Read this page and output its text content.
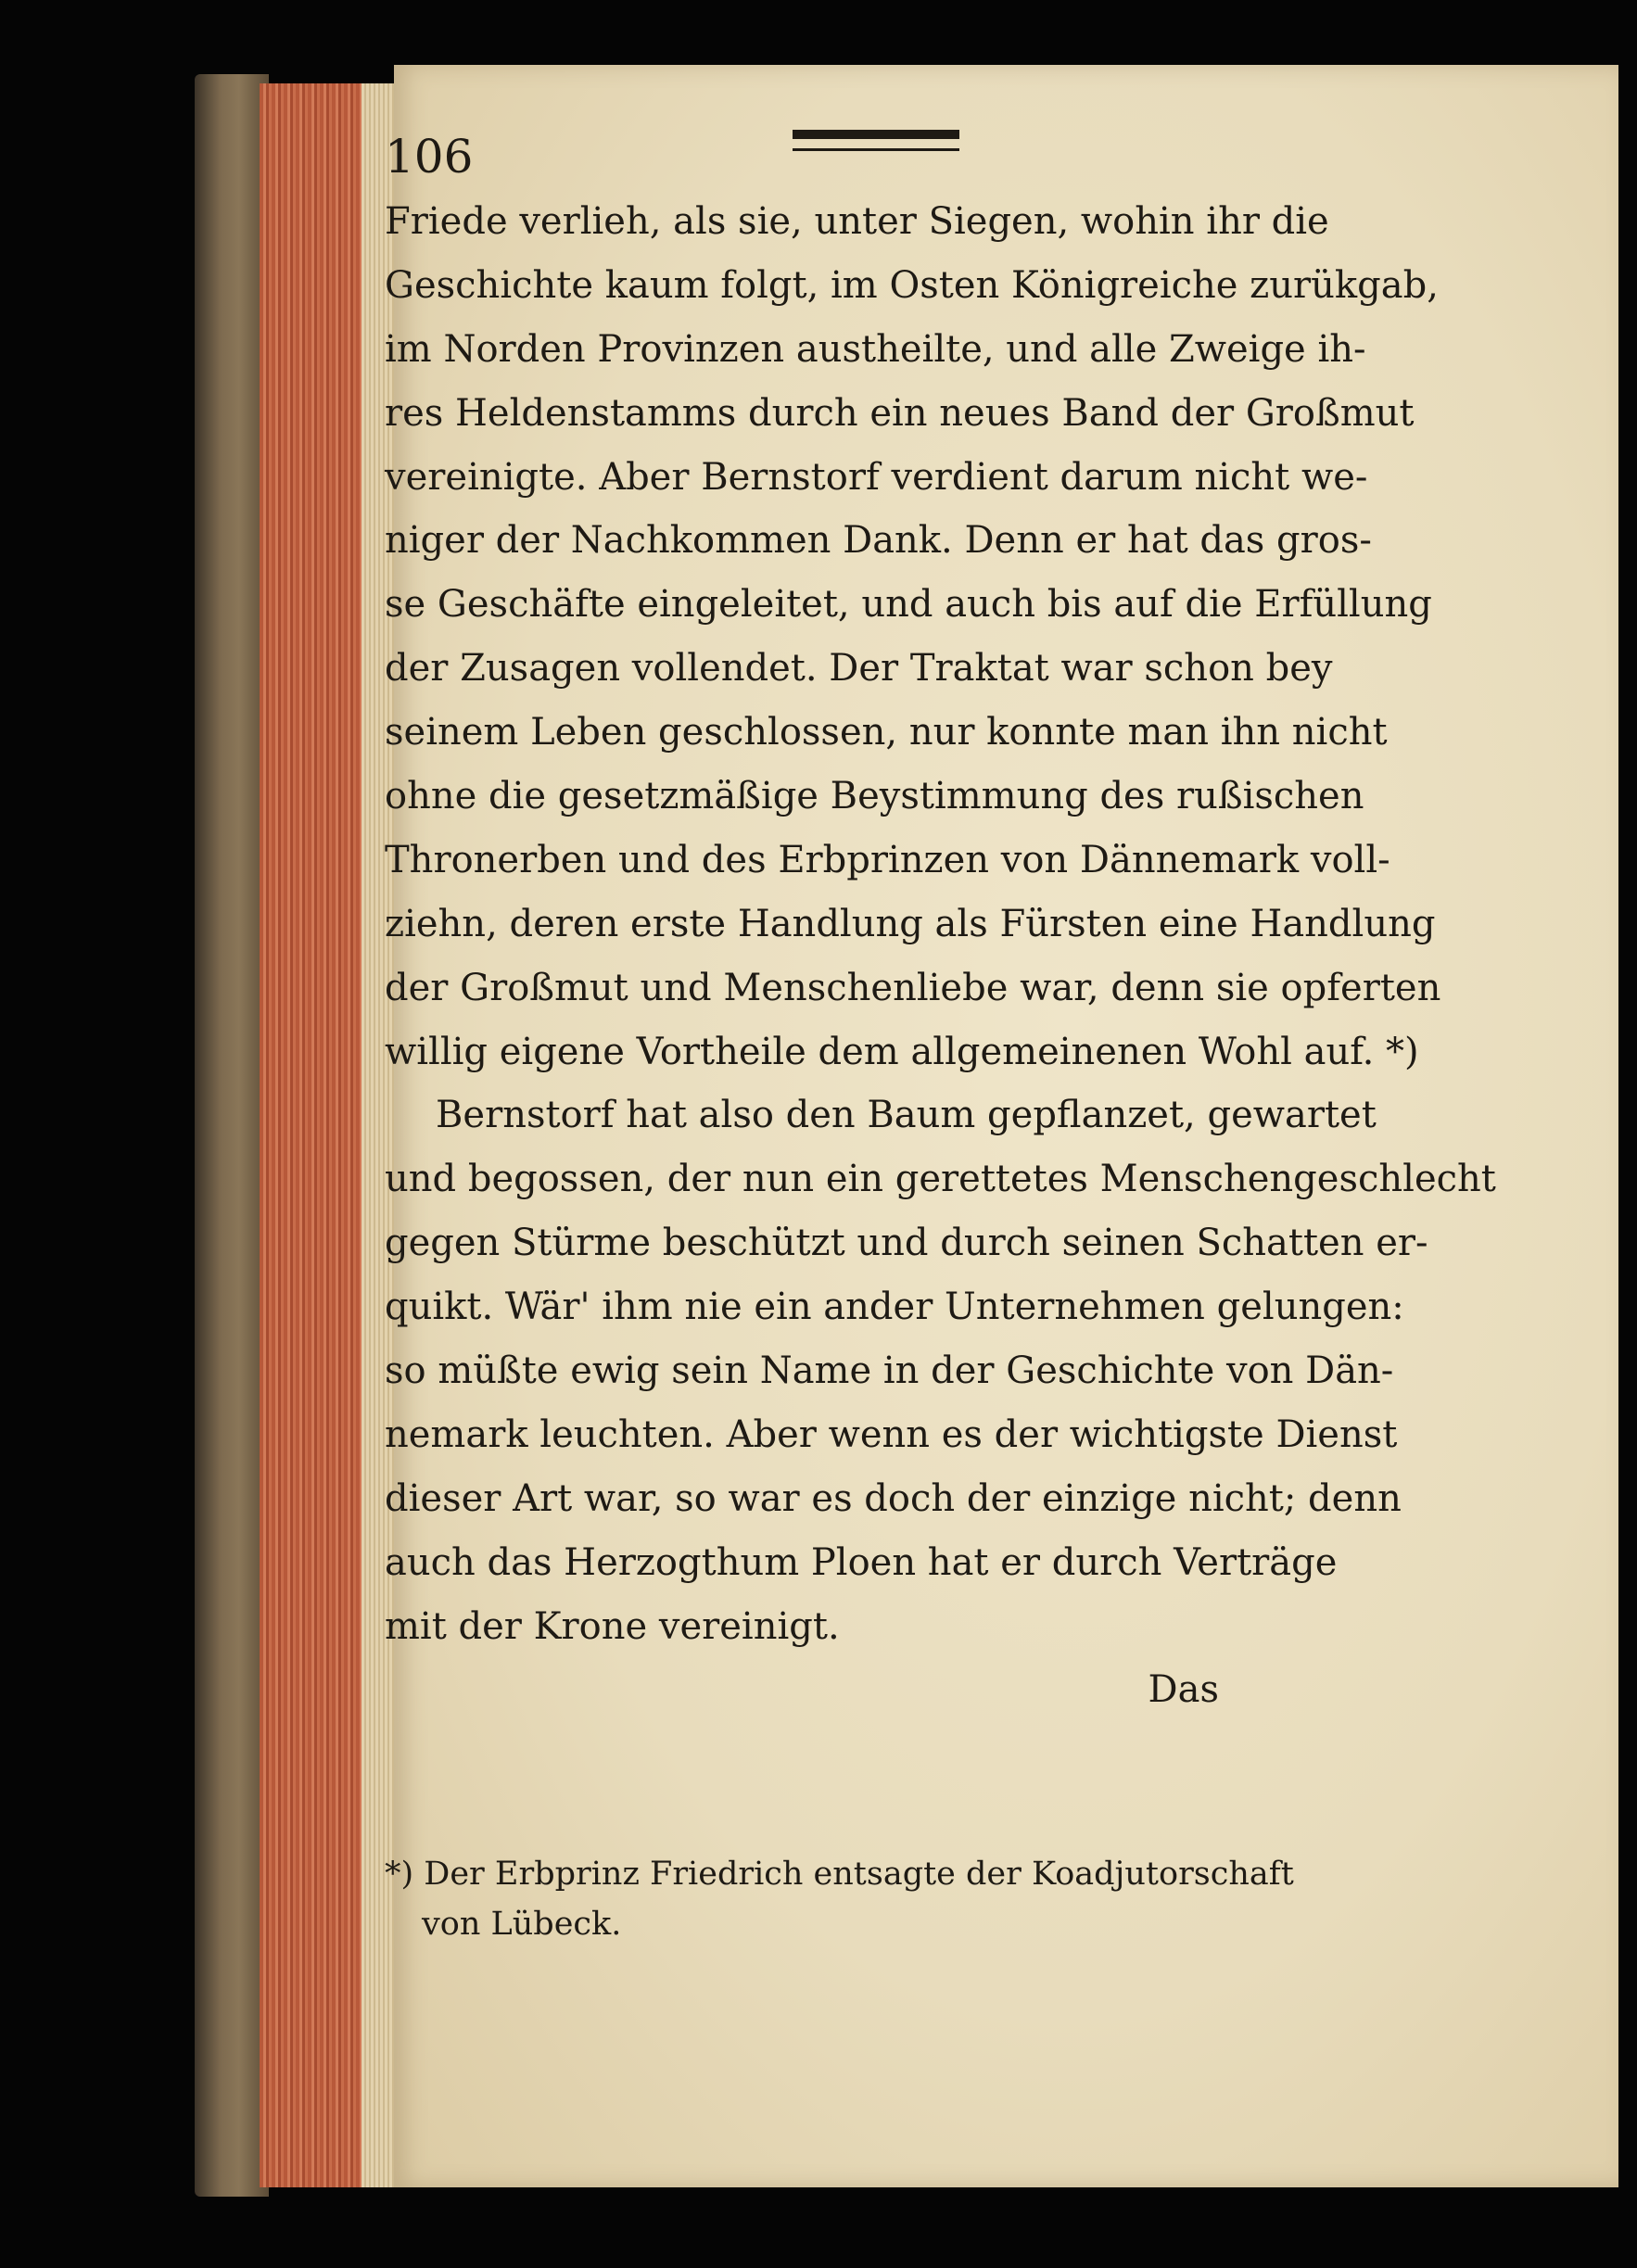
106
Friede verlieh, als sie, unter Siegen, wohin ihr die
Geschichte kaum folgt, im Osten Königreiche zurükgab,
im Norden Provinzen austheilte, und alle Zweige ih-
res Heldenstamms durch ein neues Band der Großmut
vereinigte. Aber Bernstorf verdient darum nicht we-
niger der Nachkommen Dank. Denn er hat das gros-
se Geschäfte eingeleitet, und auch bis auf die Erfüllung
der Zusagen vollendet. Der Traktat war schon bey
seinem Leben geschlossen, nur konnte man ihn nicht
ohne die gesetzmäßige Beystimmung des rußischen
Thronerben und des Erbprinzen von Dännemark voll-
ziehn, deren erste Handlung als Fürsten eine Handlung
der Großmut und Menschenliebe war, denn sie opferten
willig eigene Vortheile dem allgemeinenen Wohl auf. *)
Bernstorf hat also den Baum gepflanzet, gewartet
und begossen, der nun ein gerettetes Menschengeschlecht
gegen Stürme beschützt und durch seinen Schatten er-
quikt. Wär' ihm nie ein ander Unternehmen gelungen:
so müßte ewig sein Name in der Geschichte von Dän-
nemark leuchten. Aber wenn es der wichtigste Dienst
dieser Art war, so war es doch der einzige nicht; denn
auch das Herzogthum Ploen hat er durch Verträge
mit der Krone vereinigt.
Das
*) Der Erbprinz Friedrich entsagte der Koadjutorschaft
von Lübeck.
